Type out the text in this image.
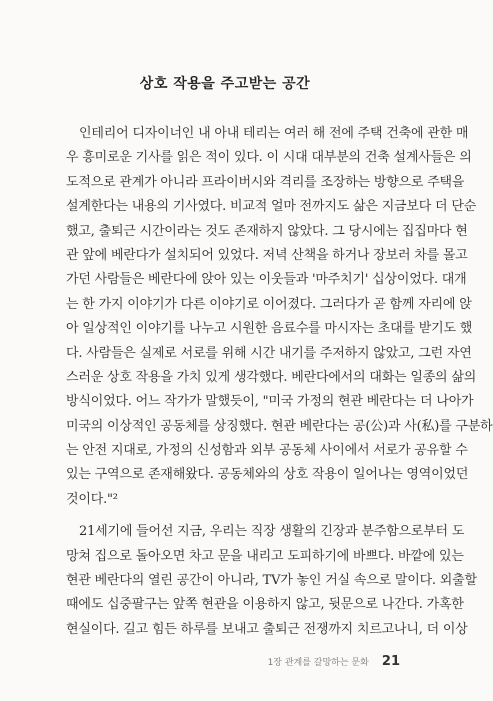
상호 작용을 주고받는 공간
인테리어 디자이너인 내 아내 테리는 여러 해 전에 주택 건축에 관한 매
우 흥미로운 기사를 읽은 적이 있다. 이 시대 대부분의 건축 설계사들은 의
도적으로 관계가 아니라 프라이버시와 격리를 조장하는 방향으로 주택을
설계한다는 내용의 기사였다. 비교적 얼마 전까지도 삶은 지금보다 더 단순
했고, 출퇴근 시간이라는 것도 존재하지 않았다. 그 당시에는 집집마다 현
관 앞에 베란다가 설치되어 있었다. 저녁 산책을 하거나 장보러 차를 몰고
가던 사람들은 베란다에 앉아 있는 이웃들과 '마주치기' 십상이었다. 대개
는 한 가지 이야기가 다른 이야기로 이어졌다. 그러다가 곧 함께 자리에 앉
아 일상적인 이야기를 나누고 시원한 음료수를 마시자는 초대를 받기도 했
다. 사람들은 실제로 서로를 위해 시간 내기를 주저하지 않았고, 그런 자연
스러운 상호 작용을 가치 있게 생각했다. 베란다에서의 대화는 일종의 삶의
방식이었다. 어느 작가가 말했듯이, "미국 가정의 현관 베란다는 더 나아가
미국의 이상적인 공동체를 상징했다. 현관 베란다는 공(公)과 사(私)를 구분하
는 안전 지대로, 가정의 신성함과 외부 공동체 사이에서 서로가 공유할 수
있는 구역으로 존재해왔다. 공동체와의 상호 작용이 일어나는 영역이었던
것이다."²
21세기에 들어선 지금, 우리는 직장 생활의 긴장과 분주함으로부터 도
망쳐 집으로 돌아오면 차고 문을 내리고 도피하기에 바쁘다. 바깥에 있는
현관 베란다의 열린 공간이 아니라, TV가 놓인 거실 속으로 말이다. 외출할
때에도 십중팔구는 앞쪽 현관을 이용하지 않고, 뒷문으로 나간다. 가혹한
현실이다. 길고 힘든 하루를 보내고 출퇴근 전쟁까지 치르고나니, 더 이상
1장 관계를 갈망하는 문화 21
